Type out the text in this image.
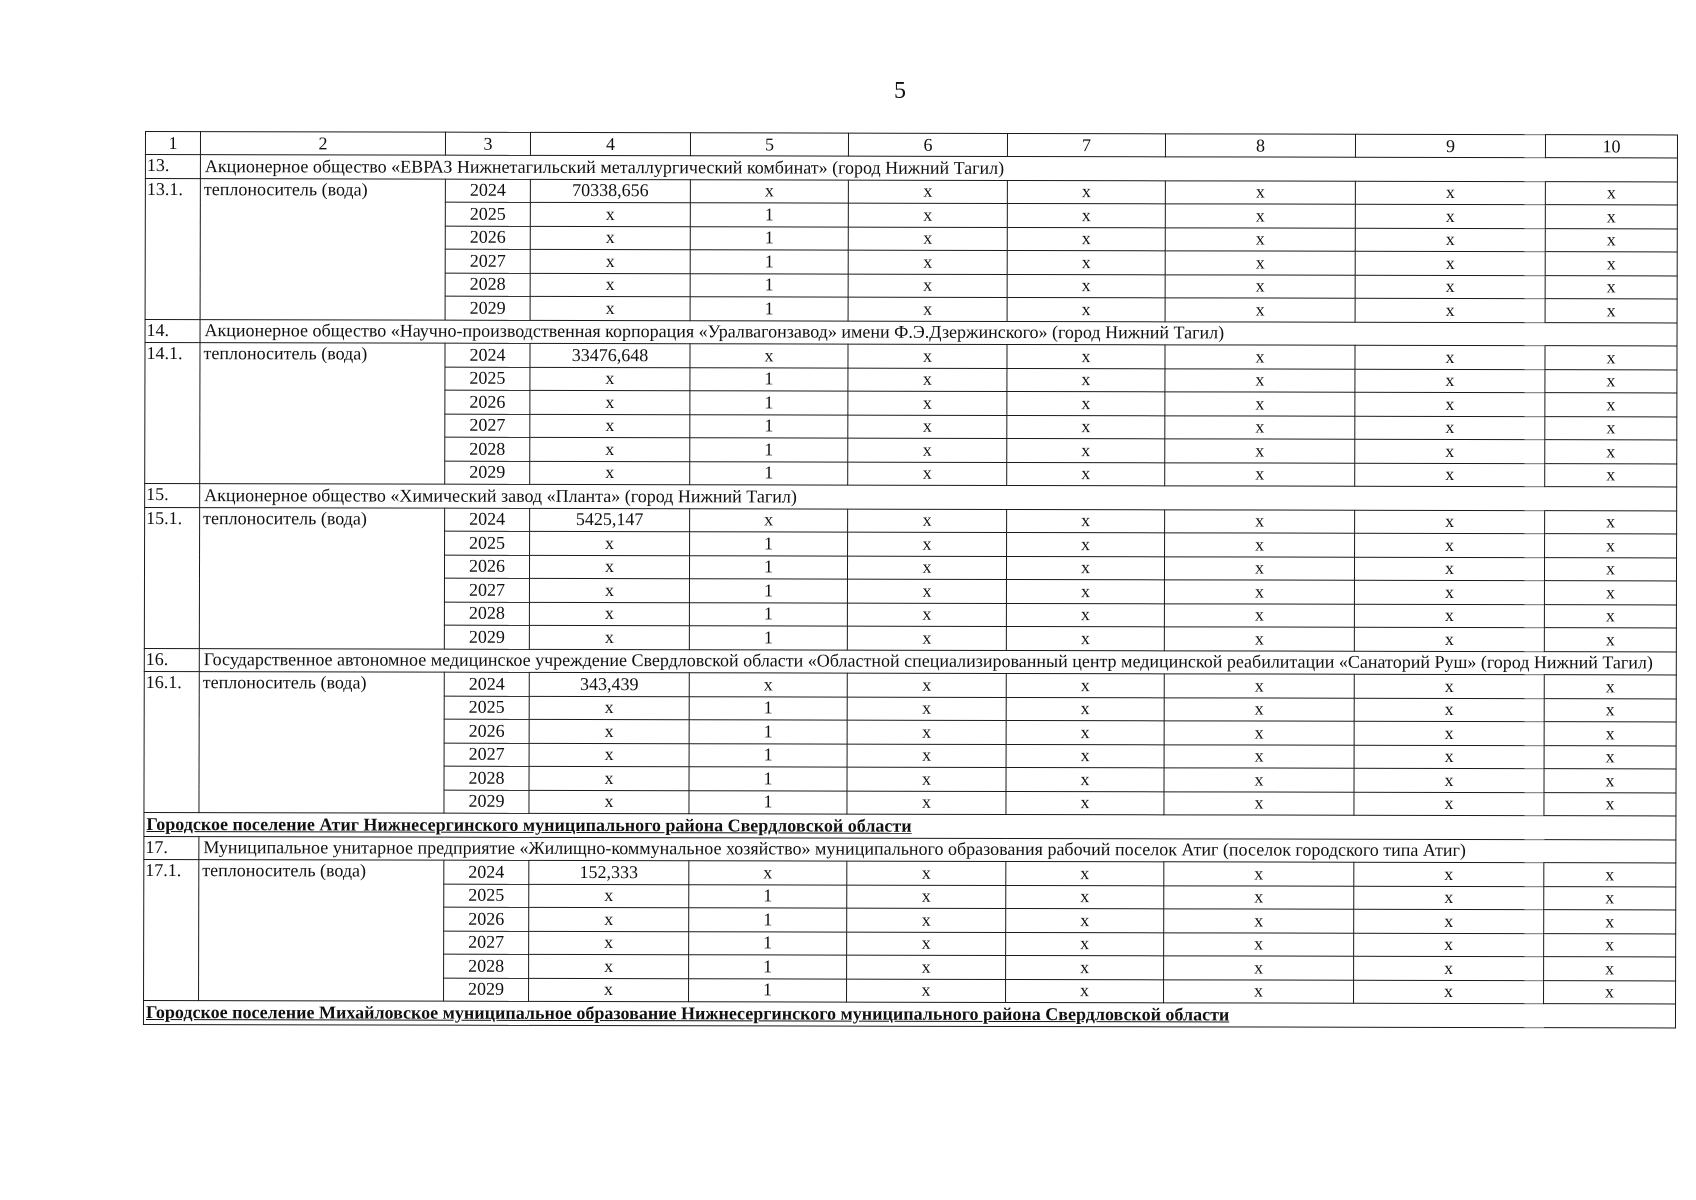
5
1	2	3	4	5	6	7	8	9	10
13.	Акционерное общество «ЕВРАЗ Нижнетагильский металлургический комбинат» (город Нижний Тагил)								
13.1.	теплоноситель (вода)	2024	70338,656	x	x	x	x	x	x
		2025	x	1	x	x	x	x	x
		2026	x	1	x	x	x	x	x
		2027	x	1	x	x	x	x	x
		2028	x	1	x	x	x	x	x
		2029	x	1	x	x	x	x	x
14.	Акционерное общество «Научно-производственная корпорация «Уралвагонзавод» имени Ф.Э.Дзержинского» (город Нижний Тагил)								
14.1.	теплоноситель (вода)	2024	33476,648	x	x	x	x	x	x
		2025	x	1	x	x	x	x	x
		2026	x	1	x	x	x	x	x
		2027	x	1	x	x	x	x	x
		2028	x	1	x	x	x	x	x
		2029	x	1	x	x	x	x	x
15.	Акционерное общество «Химический завод «Планта» (город Нижний Тагил)								
15.1.	теплоноситель (вода)	2024	5425,147	x	x	x	x	x	x
		2025	x	1	x	x	x	x	x
		2026	x	1	x	x	x	x	x
		2027	x	1	x	x	x	x	x
		2028	x	1	x	x	x	x	x
		2029	x	1	x	x	x	x	x
16.	Государственное автономное медицинское учреждение Свердловской области «Областной специализированный центр медицинской реабилитации «Санаторий Руш» (город Нижний Тагил)								
16.1.	теплоноситель (вода)	2024	343,439	x	x	x	x	x	x
		2025	x	1	x	x	x	x	x
		2026	x	1	x	x	x	x	x
		2027	x	1	x	x	x	x	x
		2028	x	1	x	x	x	x	x
		2029	x	1	x	x	x	x	x
Городское поселение Атиг Нижнесергинского муниципального района Свердловской области									
17.	Муниципальное унитарное предприятие «Жилищно-коммунальное хозяйство» муниципального образования рабочий поселок Атиг (поселок городского типа Атиг)								
17.1.	теплоноситель (вода)	2024	152,333	x	x	x	x	x	x
		2025	x	1	x	x	x	x	x
		2026	x	1	x	x	x	x	x
		2027	x	1	x	x	x	x	x
		2028	x	1	x	x	x	x	x
		2029	x	1	x	x	x	x	x
Городское поселение Михайловское муниципальное образование Нижнесергинского муниципального района Свердловской области									
